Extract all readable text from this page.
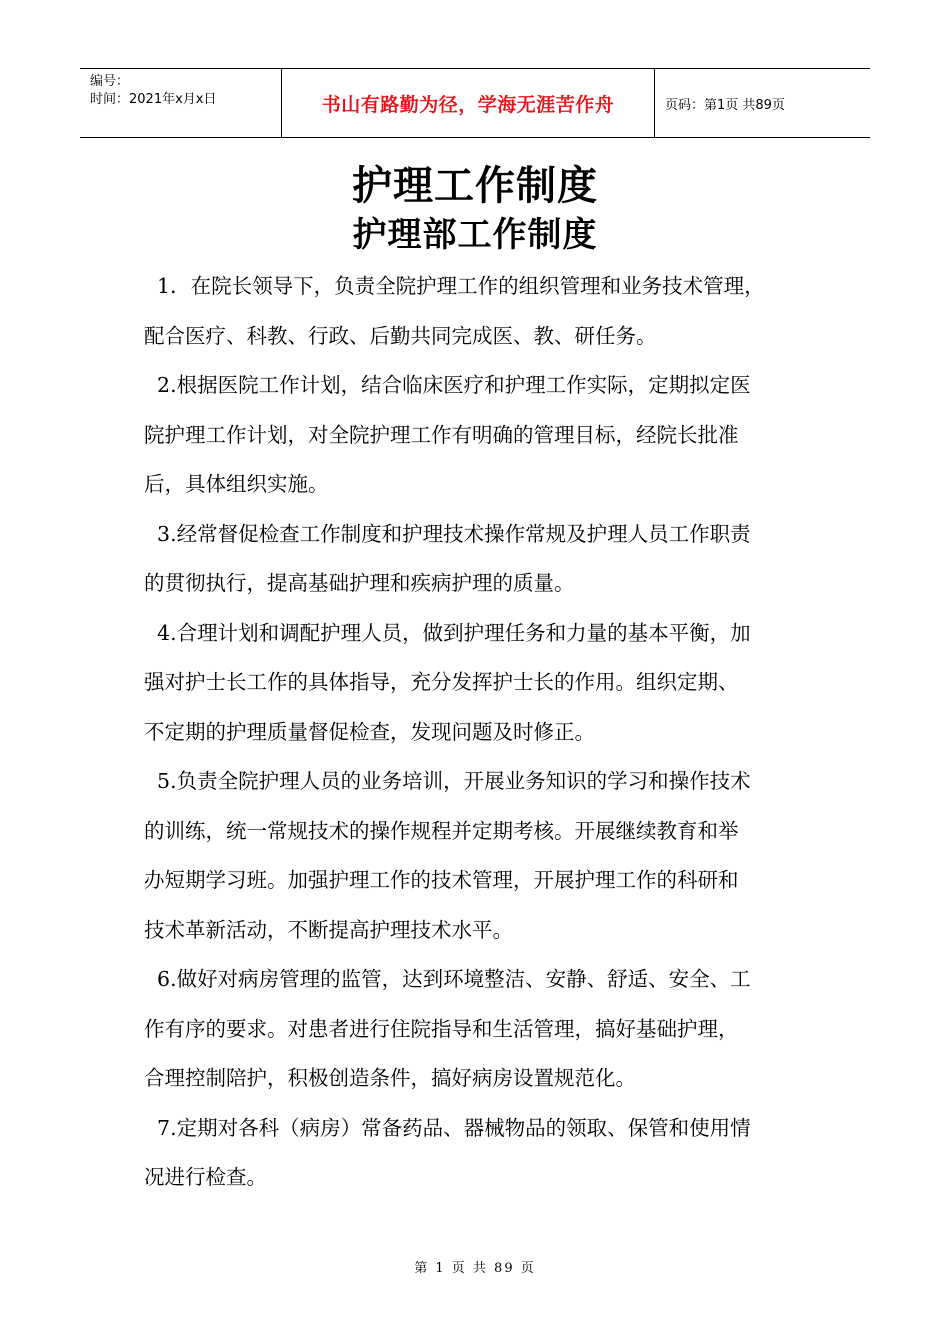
编号：
时间：2021年x月x日	书山有路勤为径，学海无涯苦作舟	页码：第1页 共89页
护理工作制度
护理部工作制度
1．在院长领导下，负责全院护理工作的组织管理和业务技术管理，
配合医疗、科教、行政、后勤共同完成医、教、研任务。
2.根据医院工作计划，结合临床医疗和护理工作实际，定期拟定医
院护理工作计划，对全院护理工作有明确的管理目标，经院长批准
后，具体组织实施。
3.经常督促检查工作制度和护理技术操作常规及护理人员工作职责
的贯彻执行，提高基础护理和疾病护理的质量。
4.合理计划和调配护理人员，做到护理任务和力量的基本平衡，加
强对护士长工作的具体指导，充分发挥护士长的作用。组织定期、
不定期的护理质量督促检查，发现问题及时修正。
5.负责全院护理人员的业务培训，开展业务知识的学习和操作技术
的训练，统一常规技术的操作规程并定期考核。开展继续教育和举
办短期学习班。加强护理工作的技术管理，开展护理工作的科研和
技术革新活动，不断提高护理技术水平。
6.做好对病房管理的监管，达到环境整洁、安静、舒适、安全、工
作有序的要求。对患者进行住院指导和生活管理，搞好基础护理，
合理控制陪护，积极创造条件，搞好病房设置规范化。
7.定期对各科（病房）常备药品、器械物品的领取、保管和使用情
况进行检查。
第 1 页 共 89 页
